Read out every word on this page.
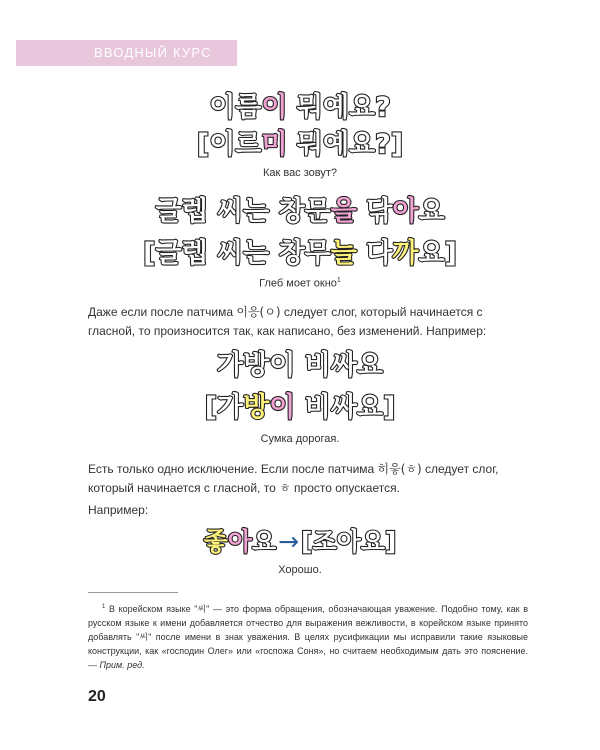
ВВОДНЫЙ КУРС
이름이 뭐예요?
[이르미 뭐예요?]
Как вас зовут?
글렙 씨는 창문을 닦아요
[글렙 씨는 창무늘 다까요]
Глеб моет окно$^1$

Даже если после патчима 이응(ㅇ) следует слог, который начинается с гласной, то произносится так, как написано, без изменений. Например:

가방이 비싸요
[가방이 비싸요]
Сумка дорогая.

Есть только одно исключение. Если после патчима 히읗(ㅎ) следует слог, который начинается с гласной, то ㅎ просто опускается.

Например:

좋아요→[조아요]
Хорошо.

$^1$ В корейском языке "씨" — это форма обращения, обозначающая уважение. Подобно тому, как в русском языке к имени добавляется отчество для выражения вежливости, в корейском языке принято добавлять "씨" после имени в знак уважения. В целях русификации мы исправили такие языковые конструкции, как «господин Олег» или «госпожа Соня», но считаем необходимым дать это пояснение. — Прим. ред.

20
